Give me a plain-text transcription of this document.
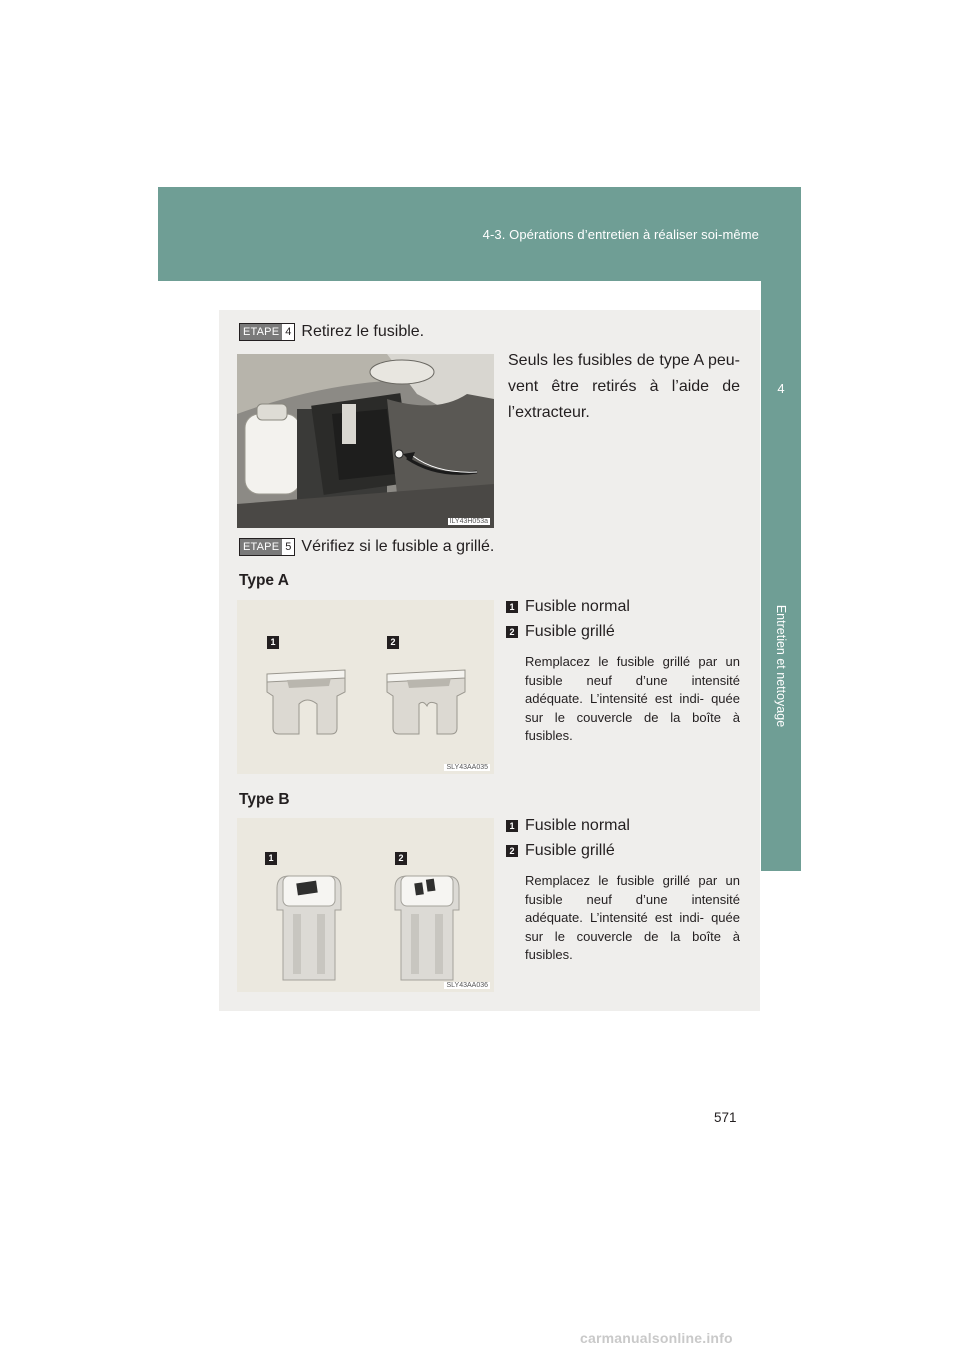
4-3. Opérations d’entretien à réaliser soi-même
4
Entretien et nettoyage
ETAPE 4 Retirez le fusible.
ILY43H053a
Seuls les fusibles de type A peu- vent être retirés à l’aide de l’extracteur.
ETAPE 5 Vérifiez si le fusible a grillé.
Type A
1	2
SLY43AA035
1 Fusible normal
2 Fusible grillé
Remplacez le fusible grillé par un fusible neuf d’une intensité adéquate. L’intensité est indi- quée sur le couvercle de la boîte à fusibles.
Type B
1	2
SLY43AA036
1 Fusible normal
2 Fusible grillé
Remplacez le fusible grillé par un fusible neuf d’une intensité adéquate. L’intensité est indi- quée sur le couvercle de la boîte à fusibles.
571
carmanualsonline.info
